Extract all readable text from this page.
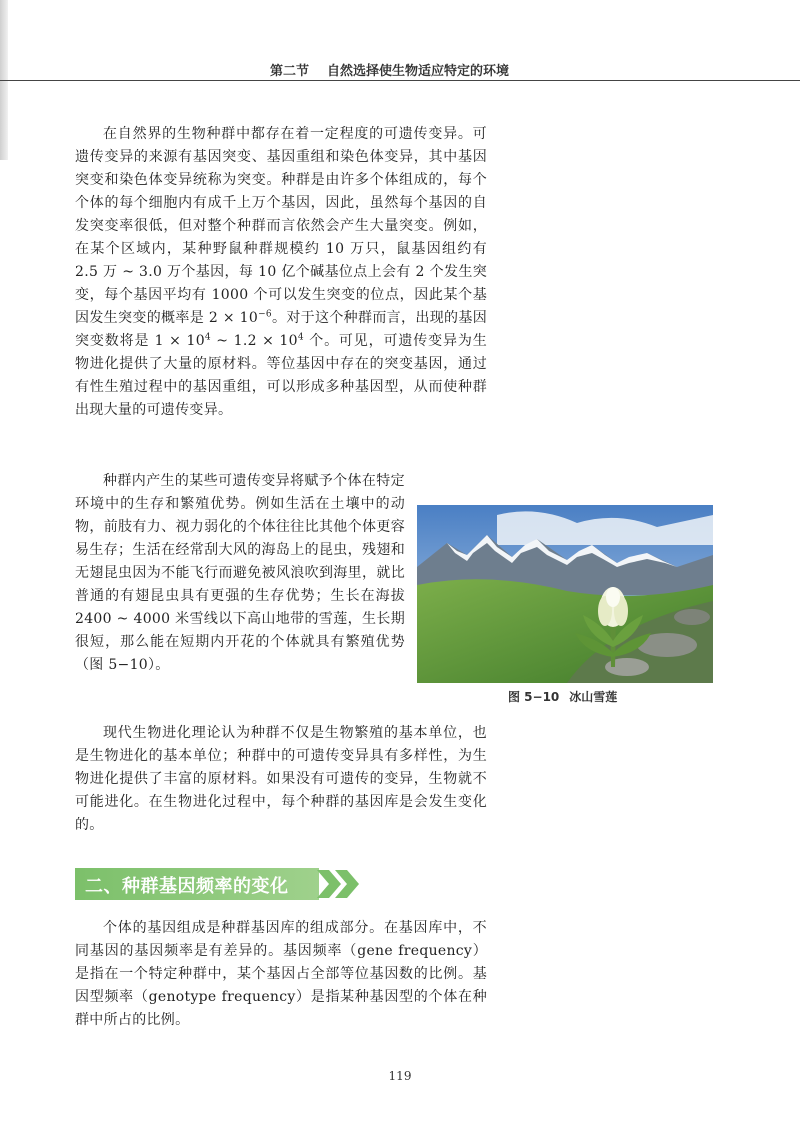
第二节 自然选择使生物适应特定的环境

在自然界的生物种群中都存在着一定程度的可遗传变异。可遗传变异的来源有基因突变、基因重组和染色体变异，其中基因突变和染色体变异统称为突变。种群是由许多个体组成的，每个个体的每个细胞内有成千上万个基因，因此，虽然每个基因的自发突变率很低，但对整个种群而言依然会产生大量突变。例如，在某个区域内，某种野鼠种群规模约 10 万只，鼠基因组约有 2.5 万 ~ 3.0 万个基因，每 10 亿个碱基位点上会有 2 个发生突变，每个基因平均有 1000 个可以发生突变的位点，因此某个基因发生突变的概率是 $2 \times 10^{-6}$。对于这个种群而言，出现的基因突变数将是 $1 \times 10^4$ ~ $1.2 \times 10^4$ 个。可见，可遗传变异为生物进化提供了大量的原材料。等位基因中存在的突变基因，通过有性生殖过程中的基因重组，可以形成多种基因型，从而使种群出现大量的可遗传变异。

种群内产生的某些可遗传变异将赋予个体在特定环境中的生存和繁殖优势。例如生活在土壤中的动物，前肢有力、视力弱化的个体往往比其他个体更容易生存；生活在经常刮大风的海岛上的昆虫，残翅和无翅昆虫因为不能飞行而避免被风浪吹到海里，就比普通的有翅昆虫具有更强的生存优势；生长在海拔 2400 ~ 4000 米雪线以下高山地带的雪莲，生长期很短，那么能在短期内开花的个体就具有繁殖优势（图 5−10）。

图 5−10 冰山雪莲

现代生物进化理论认为种群不仅是生物繁殖的基本单位，也是生物进化的基本单位；种群中的可遗传变异具有多样性，为生物进化提供了丰富的原材料。如果没有可遗传的变异，生物就不可能进化。在生物进化过程中，每个种群的基因库是会发生变化的。

二、种群基因频率的变化

个体的基因组成是种群基因库的组成部分。在基因库中，不同基因的基因频率是有差异的。基因频率（gene frequency）是指在一个特定种群中，某个基因占全部等位基因数的比例。基因型频率（genotype frequency）是指某种基因型的个体在种群中所占的比例。

119
